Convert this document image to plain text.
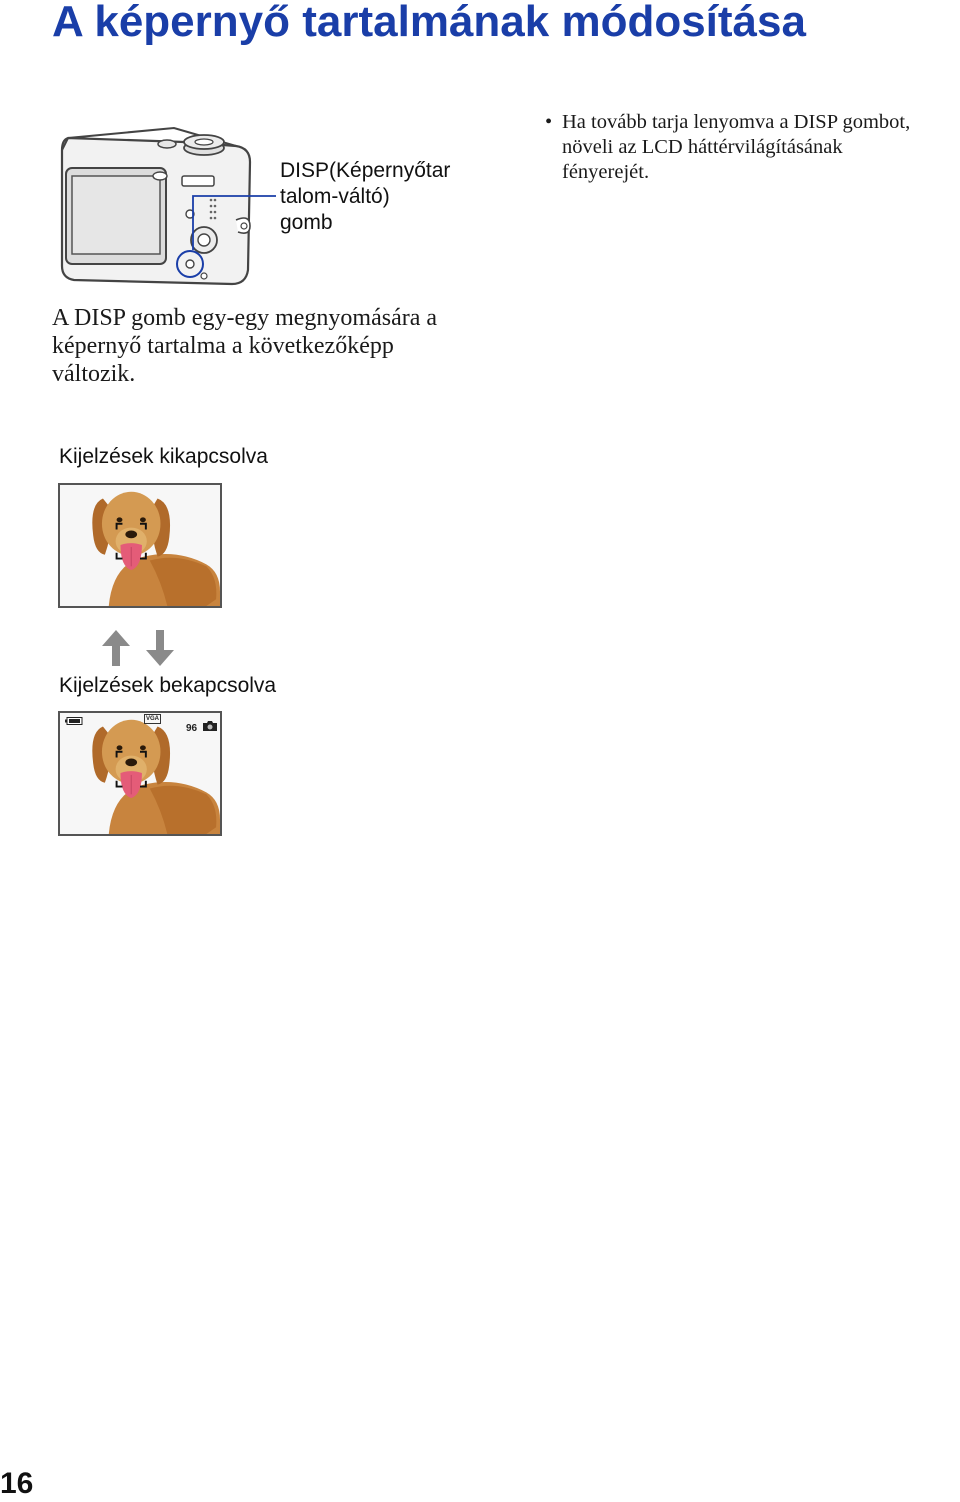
A képernyő tartalmának módosítása
DISP(Képernyőtar
talom-váltó)
gomb
• Ha tovább tarja lenyomva a DISP gombot,
növeli az LCD háttérvilágításának
fényerejét.
A DISP gomb egy-egy megnyomására a
képernyő tartalma a következőképp
változik.
Kijelzések kikapcsolva
Kijelzések bekapcsolva
VGA
96
16
